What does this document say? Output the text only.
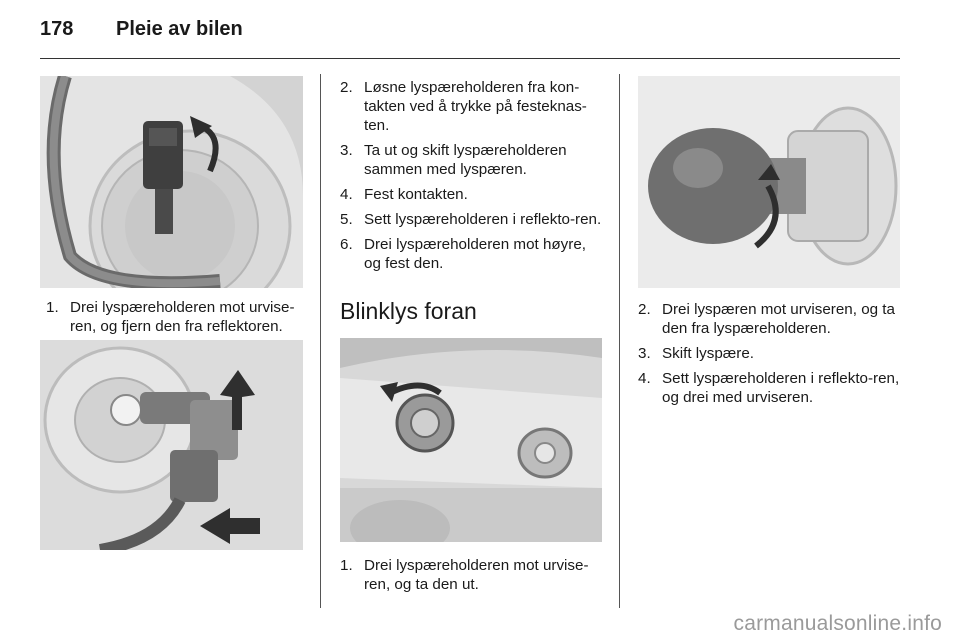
178 Pleie av bilen
1. Drei lyspæreholderen mot urvise-ren, og fjern den fra reflektoren.
2. Løsne lyspæreholderen fra kon-takten ved å trykke på festeknas-ten.
3. Ta ut og skift lyspæreholderen sammen med lyspæren.
4. Fest kontakten.
5. Sett lyspæreholderen i reflekto-ren.
6. Drei lyspæreholderen mot høyre, og fest den.
Blinklys foran
1. Drei lyspæreholderen mot urvise-ren, og ta den ut.
2. Drei lyspæren mot urviseren, og ta den fra lyspæreholderen.
3. Skift lyspære.
4. Sett lyspæreholderen i reflekto-ren, og drei med urviseren.
carmanualsonline.info
